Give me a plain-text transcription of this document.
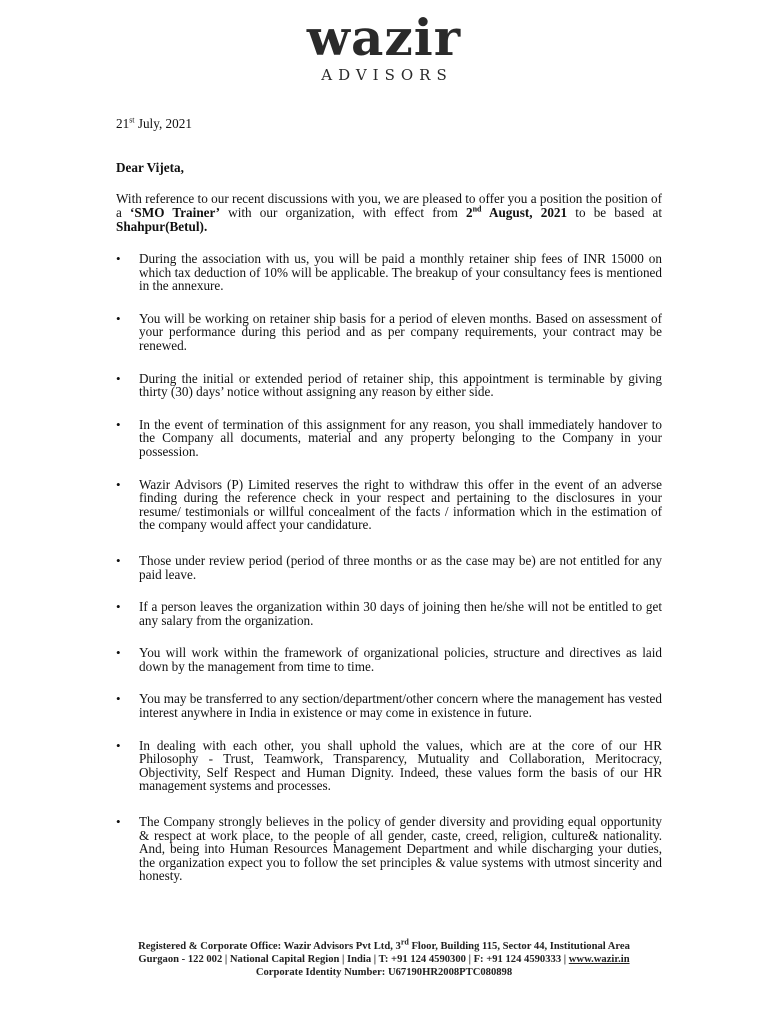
wazir
ADVISORS
21st July, 2021
Dear Vijeta,
With reference to our recent discussions with you, we are pleased to offer you a position the position of a ‘SMO Trainer’ with our organization, with effect from 2nd August, 2021 to be based at Shahpur(Betul).
• During the association with us, you will be paid a monthly retainer ship fees of INR 15000 on which tax deduction of 10% will be applicable. The breakup of your consultancy fees is mentioned in the annexure.
• You will be working on retainer ship basis for a period of eleven months. Based on assessment of your performance during this period and as per company requirements, your contract may be renewed.
• During the initial or extended period of retainer ship, this appointment is terminable by giving thirty (30) days’ notice without assigning any reason by either side.
• In the event of termination of this assignment for any reason, you shall immediately handover to the Company all documents, material and any property belonging to the Company in your possession.
• Wazir Advisors (P) Limited reserves the right to withdraw this offer in the event of an adverse finding during the reference check in your respect and pertaining to the disclosures in your resume/ testimonials or willful concealment of the facts / information which in the estimation of the company would affect your candidature.
• Those under review period (period of three months or as the case may be) are not entitled for any paid leave.
• If a person leaves the organization within 30 days of joining then he/she will not be entitled to get any salary from the organization.
• You will work within the framework of organizational policies, structure and directives as laid down by the management from time to time.
• You may be transferred to any section/department/other concern where the management has vested interest anywhere in India in existence or may come in existence in future.
• In dealing with each other, you shall uphold the values, which are at the core of our HR Philosophy - Trust, Teamwork, Transparency, Mutuality and Collaboration, Meritocracy, Objectivity, Self Respect and Human Dignity. Indeed, these values form the basis of our HR management systems and processes.
• The Company strongly believes in the policy of gender diversity and providing equal opportunity & respect at work place, to the people of all gender, caste, creed, religion, culture& nationality. And, being into Human Resources Management Department and while discharging your duties, the organization expect you to follow the set principles & value systems with utmost sincerity and honesty.
Registered & Corporate Office: Wazir Advisors Pvt Ltd, 3rd Floor, Building 115, Sector 44, Institutional Area
Gurgaon - 122 002 | National Capital Region | India | T: +91 124 4590300 | F: +91 124 4590333 | www.wazir.in
Corporate Identity Number: U67190HR2008PTC080898
